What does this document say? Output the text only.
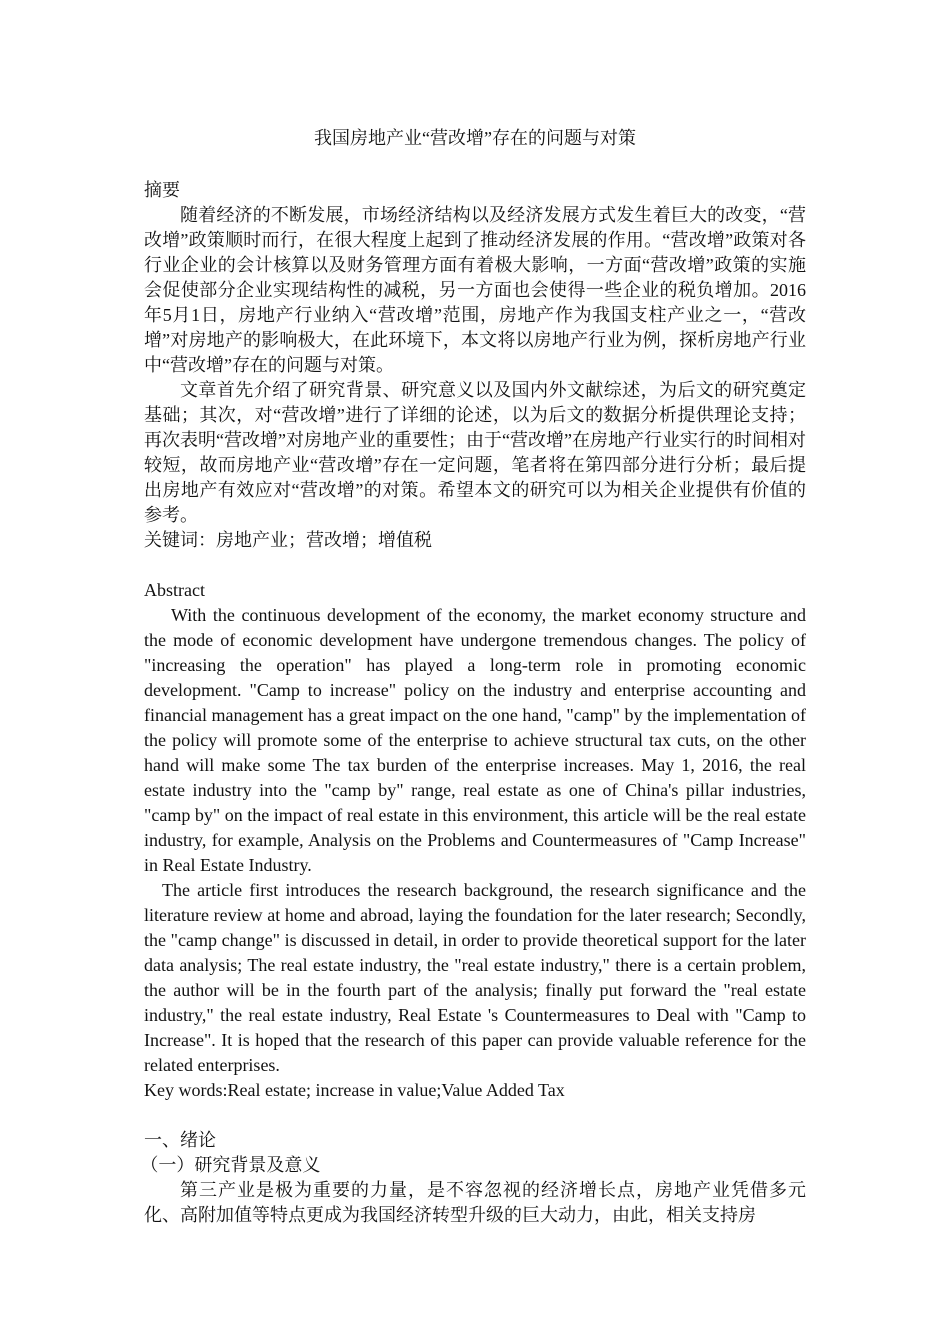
我国房地产业“营改增”存在的问题与对策

摘要

随着经济的不断发展，市场经济结构以及经济发展方式发生着巨大的改变，“营改增”政策顺时而行，在很大程度上起到了推动经济发展的作用。“营改增”政策对各行业企业的会计核算以及财务管理方面有着极大影响，一方面“营改增”政策的实施会促使部分企业实现结构性的减税，另一方面也会使得一些企业的税负增加。2016年5月1日，房地产行业纳入“营改增”范围，房地产作为我国支柱产业之一，“营改增”对房地产的影响极大，在此环境下，本文将以房地产行业为例，探析房地产行业中“营改增”存在的问题与对策。

文章首先介绍了研究背景、研究意义以及国内外文献综述，为后文的研究奠定基础；其次，对“营改增”进行了详细的论述，以为后文的数据分析提供理论支持；再次表明“营改增”对房地产业的重要性；由于“营改增”在房地产行业实行的时间相对较短，故而房地产业“营改增”存在一定问题，笔者将在第四部分进行分析；最后提出房地产有效应对“营改增”的对策。希望本文的研究可以为相关企业提供有价值的参考。

关键词：房地产业；营改增；增值税

Abstract

With the continuous development of the economy, the market economy structure and the mode of economic development have undergone tremendous changes. The policy of "increasing the operation" has played a long-term role in promoting economic development. "Camp to increase" policy on the industry and enterprise accounting and financial management has a great impact on the one hand, "camp" by the implementation of the policy will promote some of the enterprise to achieve structural tax cuts, on the other hand will make some The tax burden of the enterprise increases. May 1, 2016, the real estate industry into the "camp by" range, real estate as one of China's pillar industries, "camp by" on the impact of real estate in this environment, this article will be the real estate industry, for example, Analysis on the Problems and Countermeasures of "Camp Increase" in Real Estate Industry.

The article first introduces the research background, the research significance and the literature review at home and abroad, laying the foundation for the later research; Secondly, the "camp change" is discussed in detail, in order to provide theoretical support for the later data analysis; The real estate industry, the "real estate industry," there is a certain problem, the author will be in the fourth part of the analysis; finally put forward the "real estate industry," the real estate industry, Real Estate 's Countermeasures to Deal with "Camp to Increase". It is hoped that the research of this paper can provide valuable reference for the related enterprises.

Key words:Real estate; increase in value;Value Added Tax

一、绪论

（一）研究背景及意义

第三产业是极为重要的力量，是不容忽视的经济增长点，房地产业凭借多元化、高附加值等特点更成为我国经济转型升级的巨大动力，由此，相关支持房
